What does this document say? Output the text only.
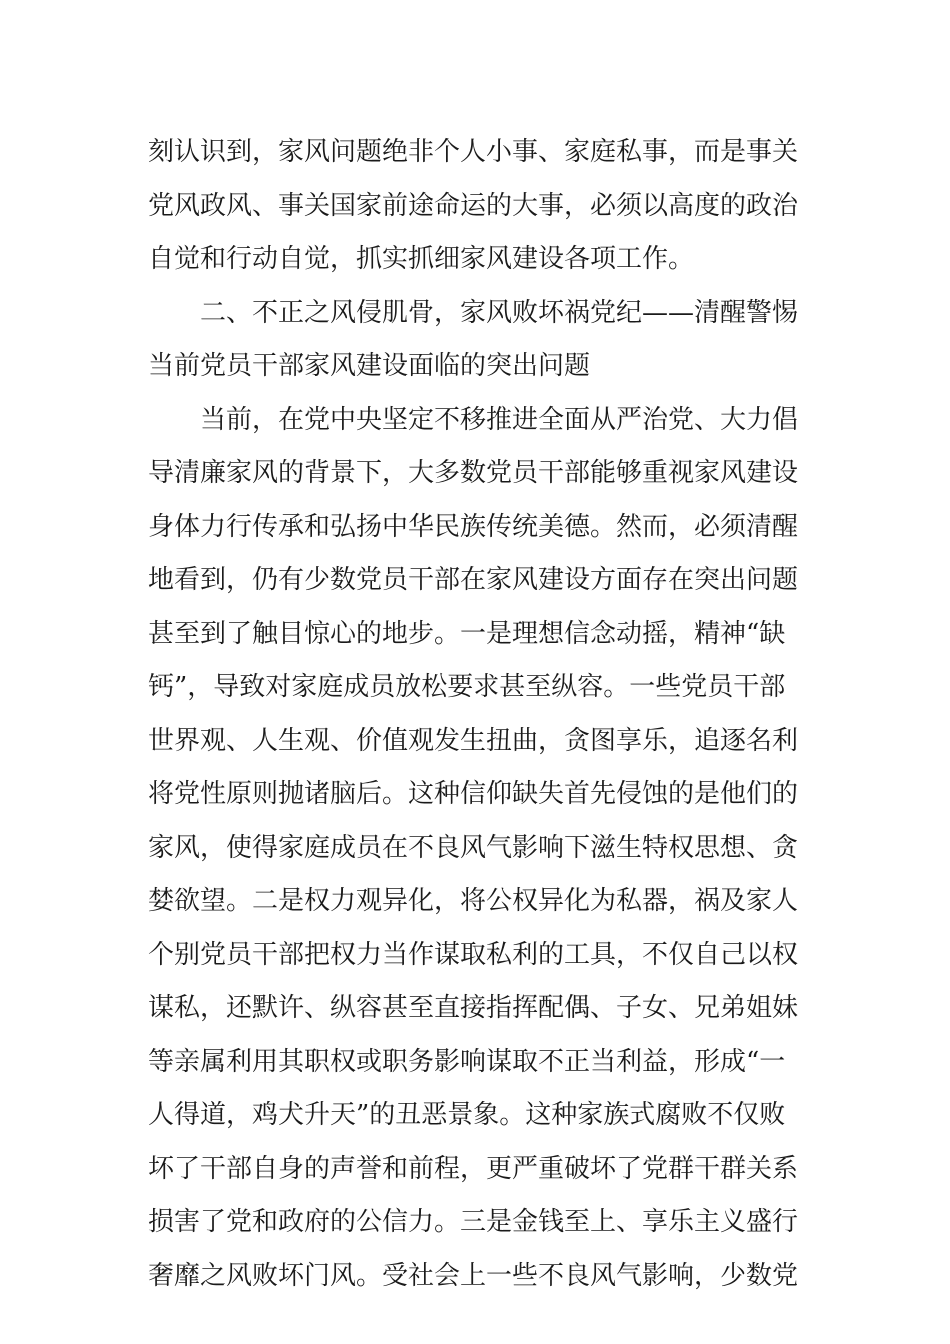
刻认识到，家风问题绝非个人小事、家庭私事，而是事关
党风政风、事关国家前途命运的大事，必须以高度的政治
自觉和行动自觉，抓实抓细家风建设各项工作。
二、不正之风侵肌骨，家风败坏祸党纪——清醒警惕
当前党员干部家风建设面临的突出问题
当前，在党中央坚定不移推进全面从严治党、大力倡
导清廉家风的背景下，大多数党员干部能够重视家风建设
身体力行传承和弘扬中华民族传统美德。然而，必须清醒
地看到，仍有少数党员干部在家风建设方面存在突出问题
甚至到了触目惊心的地步。一是理想信念动摇，精神“缺
钙”，导致对家庭成员放松要求甚至纵容。一些党员干部
世界观、人生观、价值观发生扭曲，贪图享乐，追逐名利
将党性原则抛诸脑后。这种信仰缺失首先侵蚀的是他们的
家风，使得家庭成员在不良风气影响下滋生特权思想、贪
婪欲望。二是权力观异化，将公权异化为私器，祸及家人
个别党员干部把权力当作谋取私利的工具，不仅自己以权
谋私，还默许、纵容甚至直接指挥配偶、子女、兄弟姐妹
等亲属利用其职权或职务影响谋取不正当利益，形成“一
人得道，鸡犬升天”的丑恶景象。这种家族式腐败不仅败
坏了干部自身的声誉和前程，更严重破坏了党群干群关系
损害了党和政府的公信力。三是金钱至上、享乐主义盛行
奢靡之风败坏门风。受社会上一些不良风气影响，少数党
